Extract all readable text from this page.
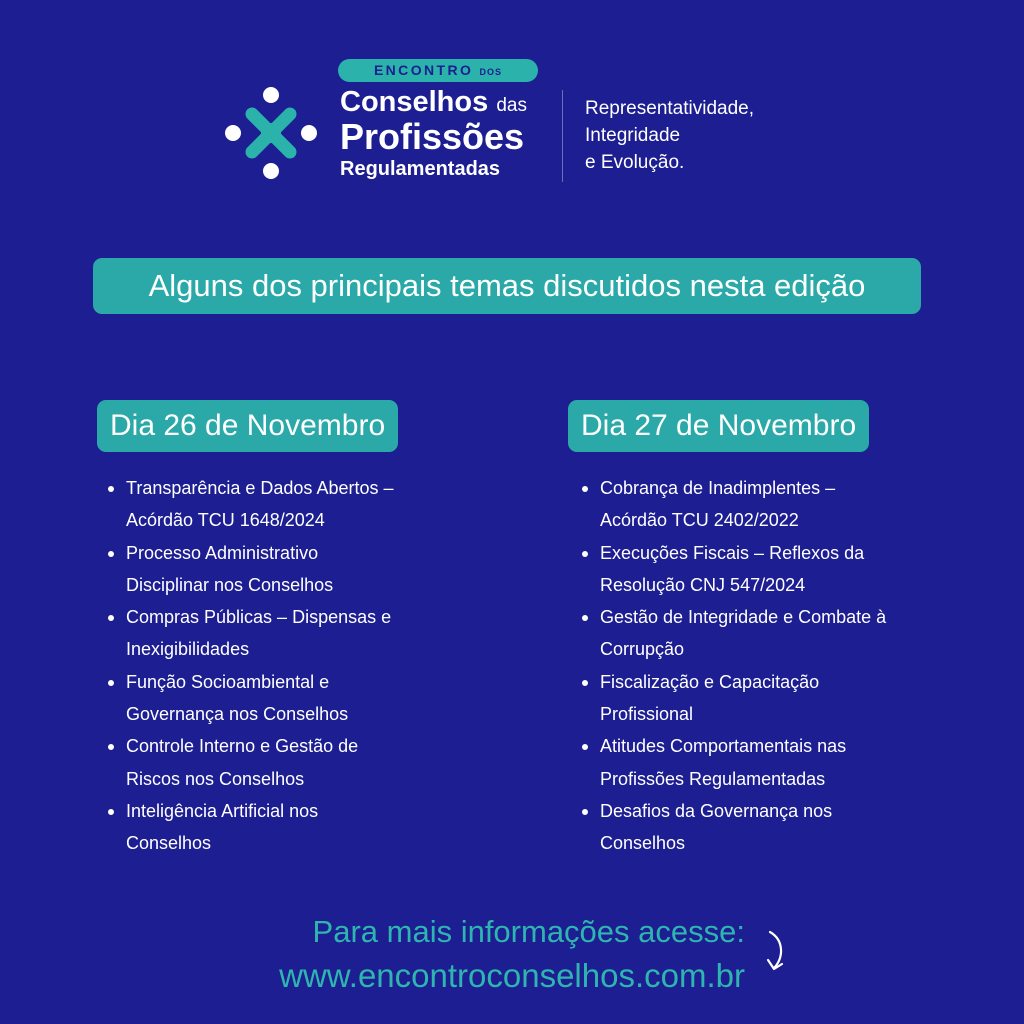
ENCONTRO DOS
Conselhos das
Profissões
Regulamentadas
Representatividade,
Integridade
e Evolução.
Alguns dos principais temas discutidos nesta edição
Dia 26 de Novembro	Dia 27 de Novembro
Transparência e Dados Abertos –
Acórdão TCU 1648/2024
Processo Administrativo
Disciplinar nos Conselhos
Compras Públicas – Dispensas e
Inexigibilidades
Função Socioambiental e
Governança nos Conselhos
Controle Interno e Gestão de
Riscos nos Conselhos
Inteligência Artificial nos
Conselhos
Cobrança de Inadimplentes –
Acórdão TCU 2402/2022
Execuções Fiscais – Reflexos da
Resolução CNJ 547/2024
Gestão de Integridade e Combate à
Corrupção
Fiscalização e Capacitação
Profissional
Atitudes Comportamentais nas
Profissões Regulamentadas
Desafios da Governança nos
Conselhos
Para mais informações acesse:
www.encontroconselhos.com.br
